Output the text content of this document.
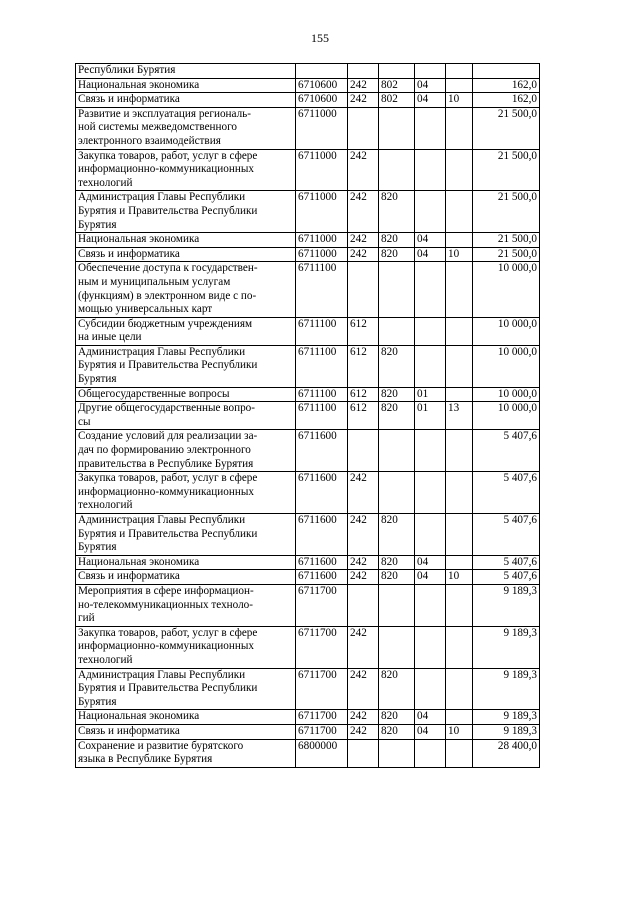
155
Республики Бурятия						

Национальная экономика	6710600	242	802	04		162,0

Связь и информатика	6710600	242	802	04	10	162,0

Развитие и эксплуатация региональ-
ной системы межведомственного
электронного взаимодействия	6711000					21 500,0

Закупка товаров, работ, услуг в сфере
информационно-коммуникационных
технологий	6711000	242				21 500,0

Администрация Главы Республики
Бурятия и Правительства Республики
Бурятия	6711000	242	820			21 500,0

Национальная экономика	6711000	242	820	04		21 500,0

Связь и информатика	6711000	242	820	04	10	21 500,0

Обеспечение доступа к государствен-
ным и муниципальным услугам
(функциям) в электронном виде с по-
мощью универсальных карт	6711100					10 000,0

Субсидии бюджетным учреждениям
на иные цели	6711100	612				10 000,0

Администрация Главы Республики
Бурятия и Правительства Республики
Бурятия	6711100	612	820			10 000,0

Общегосударственные вопросы	6711100	612	820	01		10 000,0

Другие общегосударственные вопро-
сы	6711100	612	820	01	13	10 000,0

Создание условий для реализации за-
дач по формированию электронного
правительства в Республике Бурятия	6711600					5 407,6

Закупка товаров, работ, услуг в сфере
информационно-коммуникационных
технологий	6711600	242				5 407,6

Администрация Главы Республики
Бурятия и Правительства Республики
Бурятия	6711600	242	820			5 407,6

Национальная экономика	6711600	242	820	04		5 407,6

Связь и информатика	6711600	242	820	04	10	5 407,6

Мероприятия в сфере информацион-
но-телекоммуникационных техноло-
гий	6711700					9 189,3

Закупка товаров, работ, услуг в сфере
информационно-коммуникационных
технологий	6711700	242				9 189,3

Администрация Главы Республики
Бурятия и Правительства Республики
Бурятия	6711700	242	820			9 189,3

Национальная экономика	6711700	242	820	04		9 189,3

Связь и информатика	6711700	242	820	04	10	9 189,3

Сохранение и развитие бурятского
языка в Республике Бурятия	6800000					28 400,0
